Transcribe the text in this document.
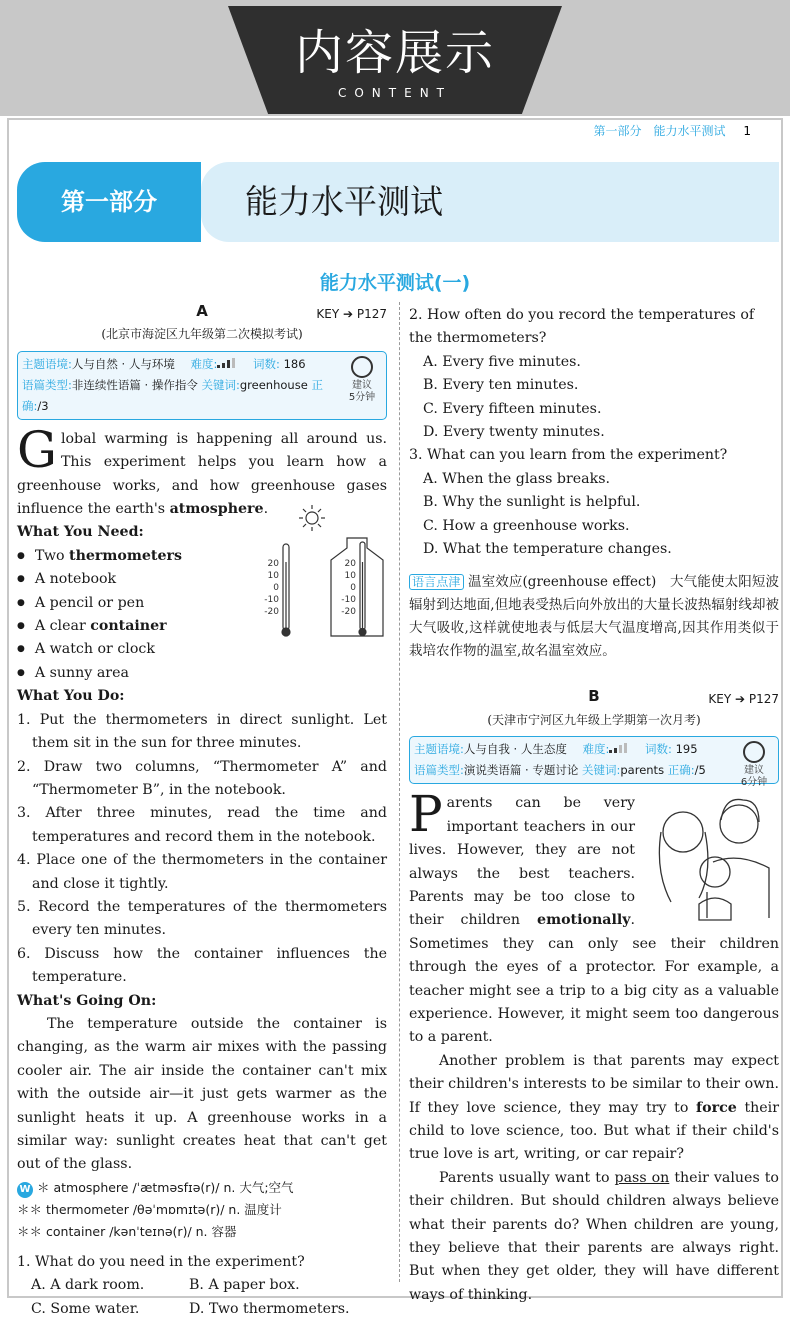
内容展示
CONTENT
第一部分　能力水平测试 1
第一部分	能力水平测试
能力水平测试(一)
A	KEY ➔ P127
(北京市海淀区九年级第二次模拟考试)
主题语境:人与自然 · 人与环境 难度:	词数: 186
语篇类型:非连续性语篇 · 操作指令 关键词:greenhouse 正确:/3
建议
5分钟

Global warming is happening all around us. This experiment helps you learn how a greenhouse works, and how greenhouse gases influence the earth's atmosphere.

What You Need:
● Two thermometers
● A notebook
● A pencil or pen
● A clear container
● A watch or clock
● A sunny area
What You Do:
1. Put the thermometers in direct sunlight. Let them sit in the sun for three minutes.
2. Draw two columns, “Thermometer A” and “Thermometer B”, in the notebook.
3. After three minutes, read the time and temperatures and record them in the notebook.
4. Place one of the thermometers in the container and close it tightly.
5. Record the temperatures of the thermometers every ten minutes.
6. Discuss how the container influences the temperature.
What's Going On:

The temperature outside the container is changing, as the warm air mixes with the passing cooler air. The air inside the container can't mix with the outside air—it just gets warmer as the sunlight heats it up. A greenhouse works in a similar way: sunlight creates heat that can't get out of the glass.

W ＊ atmosphere /ˈætməsfɪə(r)/ n. 大气;空气
＊＊ thermometer /θəˈmɒmɪtə(r)/ n. 温度计
＊＊ container /kənˈteɪnə(r)/ n. 容器
1. What do you need in the experiment?
A. A dark room.	B. A paper box.
C. Some water.	D. Two thermometers.
20
10
0
-10
-20
20
10
0
-10
-20
2. How often do you record the temperatures of the thermometers?
A. Every five minutes.
B. Every ten minutes.
C. Every fifteen minutes.
D. Every twenty minutes.
3. What can you learn from the experiment?
A. When the glass breaks.
B. Why the sunlight is helpful.
C. How a greenhouse works.
D. What the temperature changes.
语言点津 温室效应(greenhouse effect)　大气能使太阳短波辐射到达地面,但地表受热后向外放出的大量长波热辐射线却被大气吸收,这样就使地表与低层大气温度增高,因其作用类似于栽培农作物的温室,故名温室效应。
B	KEY ➔ P127
(天津市宁河区九年级上学期第一次月考)
主题语境:人与自我 · 人生态度 难度:	词数: 195
语篇类型:演说类语篇 · 专题讨论 关键词:parents 正确:/5	建议
6分钟

Parents can be very important teachers in our lives. However, they are not always the best teachers. Parents may be too close to their children emotionally. Sometimes they can only see their children through the eyes of a protector. For example, a teacher might see a trip to a big city as a valuable experience. However, it might seem too dangerous to a parent.

Another problem is that parents may expect their children's interests to be similar to their own. If they love science, they may try to force their child to love science, too. But what if their child's true love is art, writing, or car repair?

Parents usually want to pass on their values to their children. But should children always believe what their parents do? When children are young, they believe that their parents are always right. But when they get older, they will have different ways of thinking.
